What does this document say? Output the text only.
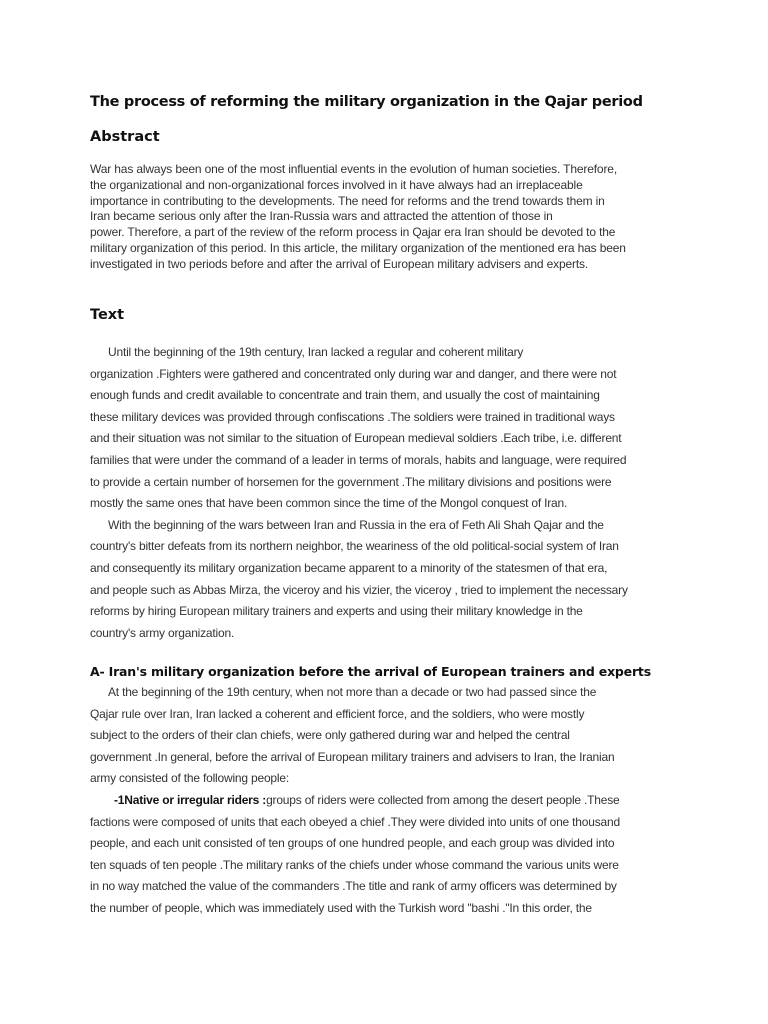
The process of reforming the military organization in the Qajar period
Abstract
War has always been one of the most influential events in the evolution of human societies. Therefore,
the organizational and non-organizational forces involved in it have always had an irreplaceable
importance in contributing to the developments. The need for reforms and the trend towards them in
Iran became serious only after the Iran-Russia wars and attracted the attention of those in
power. Therefore, a part of the review of the reform process in Qajar era Iran should be devoted to the
military organization of this period. In this article, the military organization of the mentioned era has been
investigated in two periods before and after the arrival of European military advisers and experts.
Text
Until the beginning of the 19th century, Iran lacked a regular and coherent military
organization .Fighters were gathered and concentrated only during war and danger, and there were not
enough funds and credit available to concentrate and train them, and usually the cost of maintaining
these military devices was provided through confiscations .The soldiers were trained in traditional ways
and their situation was not similar to the situation of European medieval soldiers .Each tribe, i.e. different
families that were under the command of a leader in terms of morals, habits and language, were required
to provide a certain number of horsemen for the government .The military divisions and positions were
mostly the same ones that have been common since the time of the Mongol conquest of Iran.
With the beginning of the wars between Iran and Russia in the era of Feth Ali Shah Qajar and the
country's bitter defeats from its northern neighbor, the weariness of the old political-social system of Iran
and consequently its military organization became apparent to a minority of the statesmen of that era,
and people such as Abbas Mirza, the viceroy and his vizier, the viceroy , tried to implement the necessary
reforms by hiring European military trainers and experts and using their military knowledge in the
country's army organization.
A- Iran's military organization before the arrival of European trainers and experts
At the beginning of the 19th century, when not more than a decade or two had passed since the
Qajar rule over Iran, Iran lacked a coherent and efficient force, and the soldiers, who were mostly
subject to the orders of their clan chiefs, were only gathered during war and helped the central
government .In general, before the arrival of European military trainers and advisers to Iran, the Iranian
army consisted of the following people:
-1Native or irregular riders :groups of riders were collected from among the desert people .These
factions were composed of units that each obeyed a chief .They were divided into units of one thousand
people, and each unit consisted of ten groups of one hundred people, and each group was divided into
ten squads of ten people .The military ranks of the chiefs under whose command the various units were
in no way matched the value of the commanders .The title and rank of army officers was determined by
the number of people, which was immediately used with the Turkish word "bashi ."In this order, the
